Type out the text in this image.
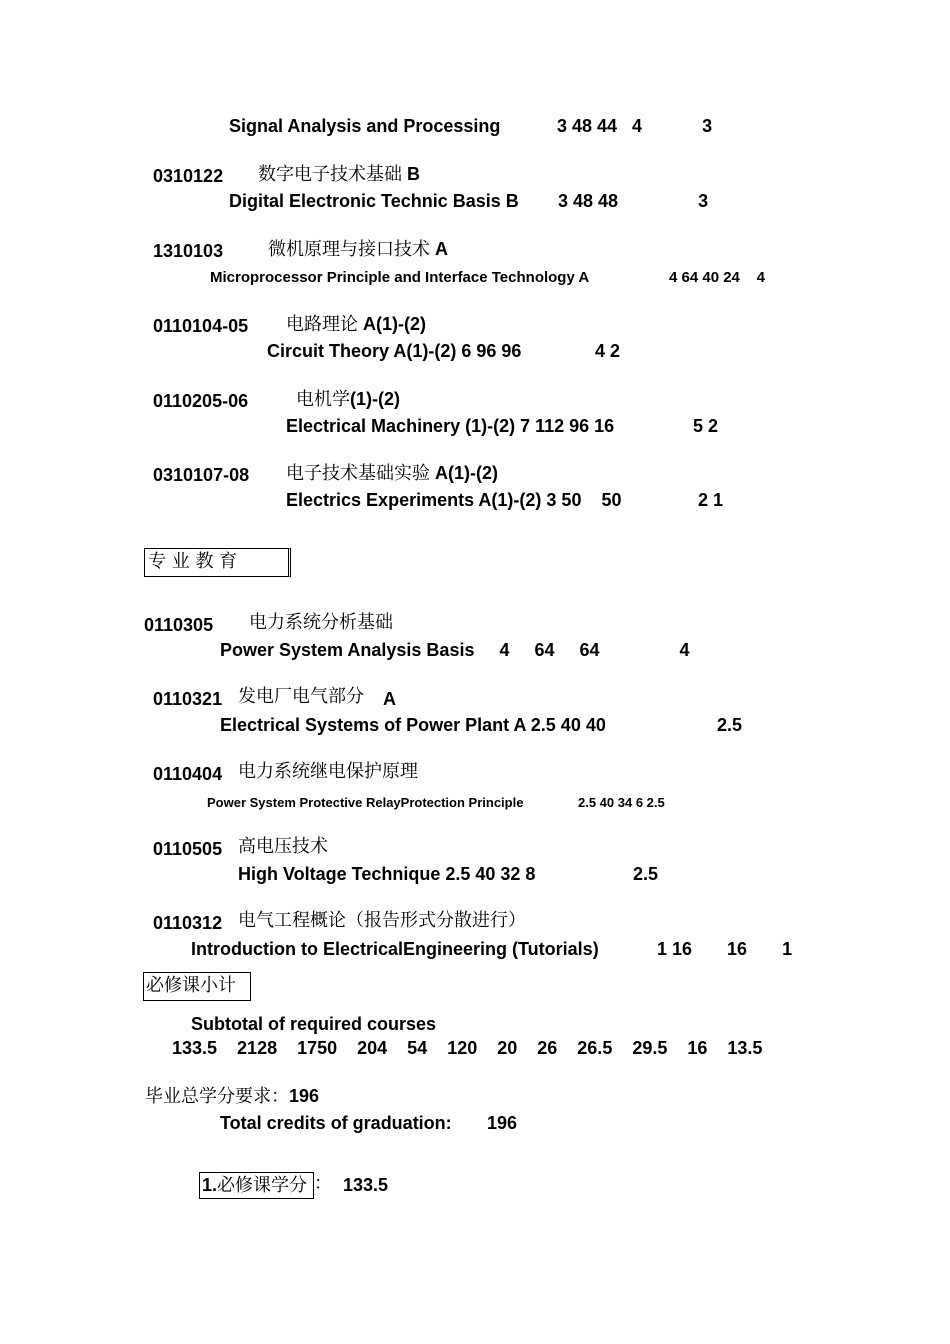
Signal Analysis and Processing	3 48 44   4            3
0310122 数字电子技术基础 B
Digital Electronic Technic Basis B 3 48 48                3
1310103 微机原理与接口技术 A
Microprocessor Principle and Interface Technology A	4 64 40 24    4
0110104-05 电路理论 A(1)-(2)
Circuit Theory A(1)-(2) 6 96 96	4 2
0110205-06	电机学(1)-(2)
Electrical Machinery (1)-(2) 7 112 96 16	5 2
0310107-08 电子技术基础实验 A(1)-(2)
Electrics Experiments A(1)-(2) 3 50    50	2 1
专 业 教 育
0110305 电力系统分析基础
Power System Analysis Basis     4     64     64                4
0110321 发电厂电气部分 A
Electrical Systems of Power Plant A 2.5 40 40	2.5
0110404 电力系统继电保护原理
Power System Protective RelayProtection Principle	2.5 40 34 6 2.5
0110505 高电压技术
High Voltage Technique 2.5 40 32 8	2.5
0110312 电气工程概论（报告形式分散进行）
Introduction to ElectricalEngineering (Tutorials)	1 16       16       1
必修课小计
Subtotal of required courses
133.5    2128    1750    204    54    120    20    26    26.5    29.5    16    13.5
毕业总学分要求：196
Total credits of graduation: 196
1.必修课学分 ： 133.5
